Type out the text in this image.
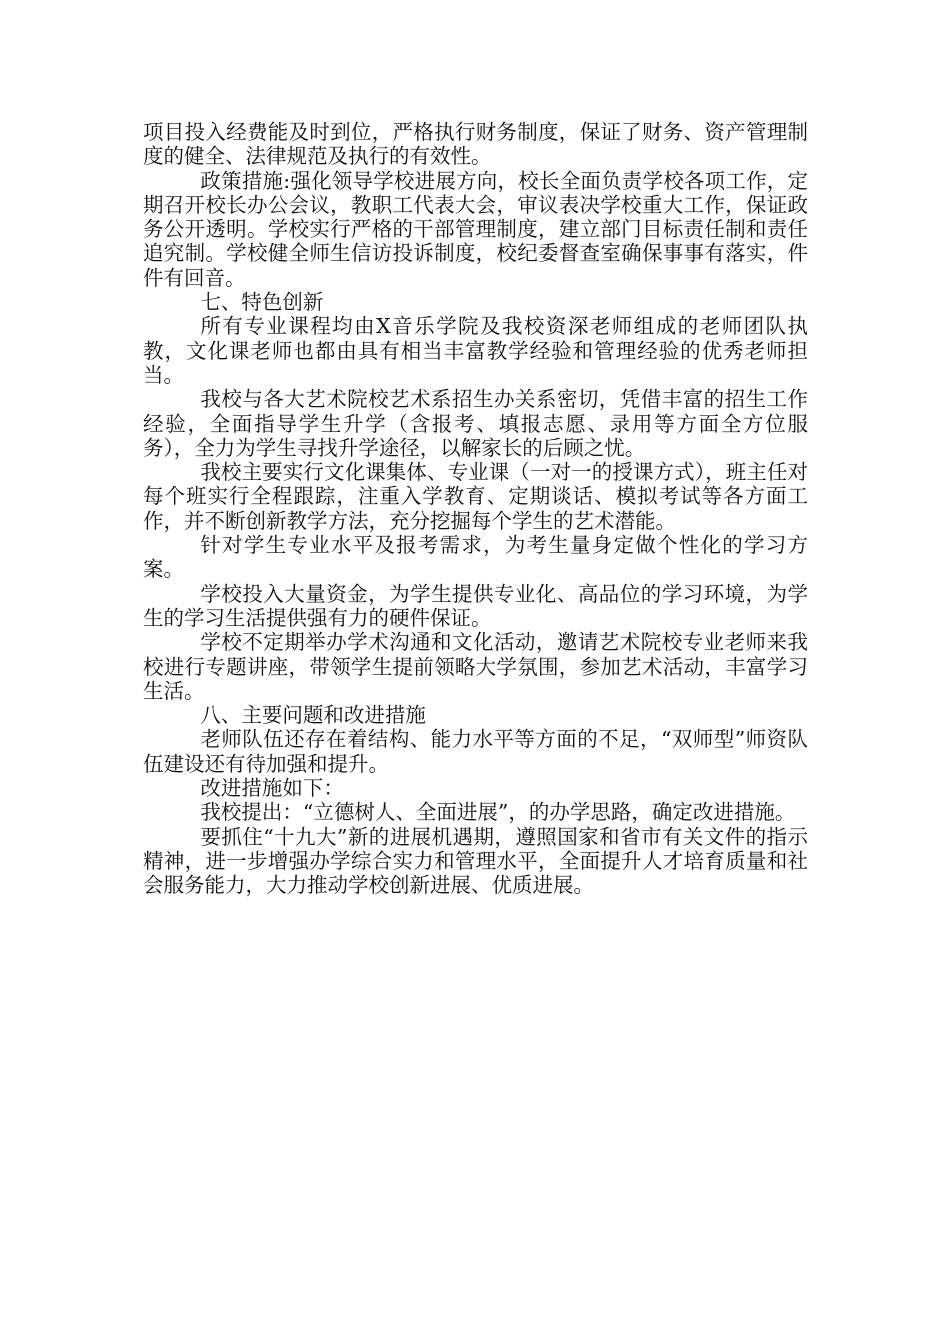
项目投入经费能及时到位，严格执行财务制度，保证了财务、资产管理制度的健全、法律规范及执行的有效性。

政策措施:强化领导学校进展方向，校长全面负责学校各项工作，定期召开校长办公会议，教职工代表大会，审议表决学校重大工作，保证政务公开透明。学校实行严格的干部管理制度，建立部门目标责任制和责任追究制。学校健全师生信访投诉制度，校纪委督查室确保事事有落实，件件有回音。

七、特色创新

所有专业课程均由X音乐学院及我校资深老师组成的老师团队执教，文化课老师也都由具有相当丰富教学经验和管理经验的优秀老师担当。

我校与各大艺术院校艺术系招生办关系密切，凭借丰富的招生工作经验，全面指导学生升学（含报考、填报志愿、录用等方面全方位服务），全力为学生寻找升学途径，以解家长的后顾之忧。

我校主要实行文化课集体、专业课（一对一的授课方式），班主任对每个班实行全程跟踪，注重入学教育、定期谈话、模拟考试等各方面工作，并不断创新教学方法，充分挖掘每个学生的艺术潜能。

针对学生专业水平及报考需求，为考生量身定做个性化的学习方案。

学校投入大量资金，为学生提供专业化、高品位的学习环境，为学生的学习生活提供强有力的硬件保证。

学校不定期举办学术沟通和文化活动，邀请艺术院校专业老师来我校进行专题讲座，带领学生提前领略大学氛围，参加艺术活动，丰富学习生活。

八、主要问题和改进措施

老师队伍还存在着结构、能力水平等方面的不足，“双师型”师资队伍建设还有待加强和提升。

改进措施如下：

我校提出：“立德树人、全面进展”，的办学思路，确定改进措施。

要抓住“十九大”新的进展机遇期，遵照国家和省市有关文件的指示精神，进一步增强办学综合实力和管理水平，全面提升人才培育质量和社会服务能力，大力推动学校创新进展、优质进展。
